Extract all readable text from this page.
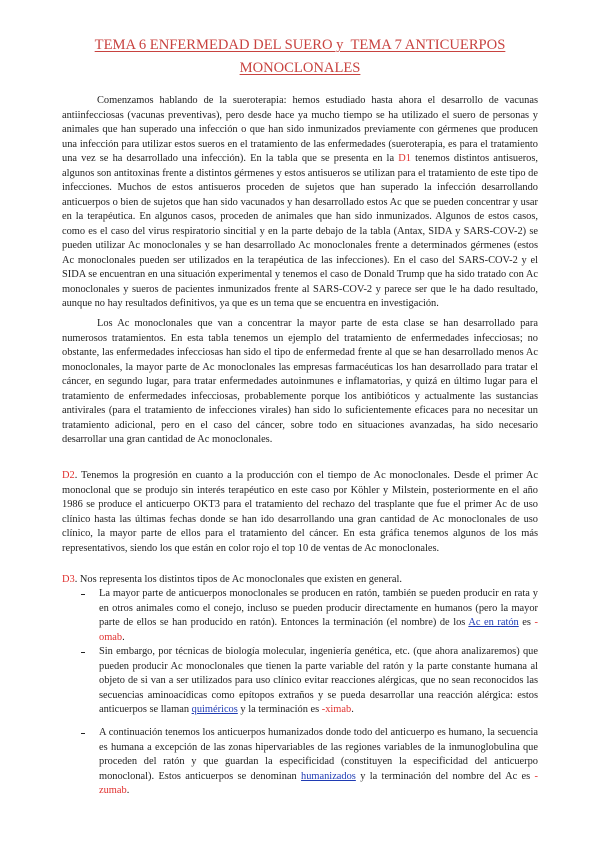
TEMA 6 ENFERMEDAD DEL SUERO y  TEMA 7 ANTICUERPOS
MONOCLONALES

Comenzamos hablando de la sueroterapia: hemos estudiado hasta ahora el desarrollo de vacunas antiinfecciosas (vacunas preventivas), pero desde hace ya mucho tiempo se ha utilizado el suero de personas y animales que han superado una infección o que han sido inmunizados previamente con gérmenes que producen una infección para utilizar estos sueros en el tratamiento de las enfermedades (sueroterapia, es para el tratamiento una vez se ha desarrollado una infección). En la tabla que se presenta en la D1 tenemos distintos antisueros, algunos son antitoxinas frente a distintos gérmenes y estos antisueros se utilizan para el tratamiento de este tipo de infecciones. Muchos de estos antisueros proceden de sujetos que han superado la infección desarrollando anticuerpos o bien de sujetos que han sido vacunados y han desarrollado estos Ac que se pueden concentrar y usar en la terapéutica. En algunos casos, proceden de animales que han sido inmunizados. Algunos de estos casos, como es el caso del virus respiratorio sincitial y en la parte debajo de la tabla (Antax, SIDA y SARS-COV-2) se pueden utilizar Ac monoclonales y se han desarrollado Ac monoclonales frente a determinados gérmenes (estos Ac monoclonales pueden ser utilizados en la terapéutica de las infecciones). En el caso del SARS-COV-2 y el SIDA se encuentran en una situación experimental y tenemos el caso de Donald Trump que ha sido tratado con Ac monoclonales y sueros de pacientes inmunizados frente al SARS-COV-2 y parece ser que le ha dado resultado, aunque no hay resultados definitivos, ya que es un tema que se encuentra en investigación.

Los Ac monoclonales que van a concentrar la mayor parte de esta clase se han desarrollado para numerosos tratamientos. En esta tabla tenemos un ejemplo del tratamiento de enfermedades infecciosas; no obstante, las enfermedades infecciosas han sido el tipo de enfermedad frente al que se han desarrollado menos Ac monoclonales, la mayor parte de Ac monoclonales las empresas farmacéuticas los han desarrollado para tratar el cáncer, en segundo lugar, para tratar enfermedades autoinmunes e inflamatorias, y quizá en último lugar para el tratamiento de enfermedades infecciosas, probablemente porque los antibióticos y actualmente las sustancias antivirales (para el tratamiento de infecciones virales) han sido lo suficientemente eficaces para no necesitar un tratamiento adicional, pero en el caso del cáncer, sobre todo en situaciones avanzadas, ha sido necesario desarrollar una gran cantidad de Ac monoclonales.

D2. Tenemos la progresión en cuanto a la producción con el tiempo de Ac monoclonales. Desde el primer Ac monoclonal que se produjo sin interés terapéutico en este caso por Köhler y Milstein, posteriormente en el año 1986 se produce el anticuerpo OKT3 para el tratamiento del rechazo del trasplante que fue el primer Ac de uso clínico hasta las últimas fechas donde se han ido desarrollando una gran cantidad de Ac monoclonales de uso clínico, la mayor parte de ellos para el tratamiento del cáncer. En esta gráfica tenemos algunos de los más representativos, siendo los que están en color rojo el top 10 de ventas de Ac monoclonales.

D3. Nos representa los distintos tipos de Ac monoclonales que existen en general.

La mayor parte de anticuerpos monoclonales se producen en ratón, también se pueden producir en rata y en otros animales como el conejo, incluso se pueden producir directamente en humanos (pero la mayor parte de ellos se han producido en ratón). Entonces la terminación (el nombre) de los Ac en ratón es -omab.
Sin embargo, por técnicas de biología molecular, ingeniería genética, etc. (que ahora analizaremos) que pueden producir Ac monoclonales que tienen la parte variable del ratón y la parte constante humana al objeto de si van a ser utilizados para uso clínico evitar reacciones alérgicas, que no sean reconocidos las secuencias aminoacídicas como epítopos extraños y se pueda desarrollar una reacción alérgica: estos anticuerpos se llaman quiméricos y la terminación es -ximab.
A continuación tenemos los anticuerpos humanizados donde todo del anticuerpo es humano, la secuencia es humana a excepción de las zonas hipervariables de las regiones variables de la inmunoglobulina que proceden del ratón y que guardan la especificidad (constituyen la especificidad del anticuerpo monoclonal). Estos anticuerpos se denominan humanizados y la terminación del nombre del Ac es -zumab.
